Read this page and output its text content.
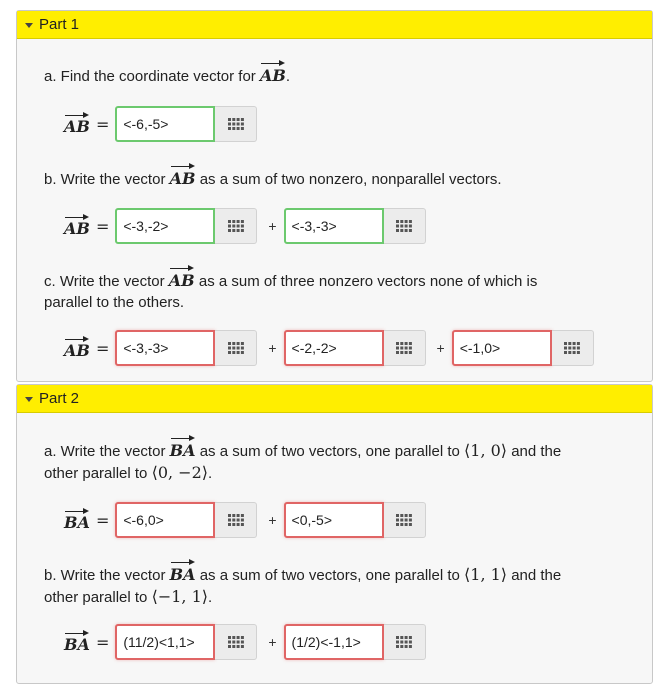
Part 1
a. Find the coordinate vector for AB.
AB =
<-6,-5>
b. Write the vector AB as a sum of two nonzero, nonparallel vectors.
AB =
<-3,-2>	+
<-3,-3>
c. Write the vector AB as a sum of three nonzero vectors none of which is
parallel to the others.
AB =
<-3,-3>	+
<-2,-2>	+
<-1,0>
Part 2
a. Write the vector BA as a sum of two vectors, one parallel to ⟨1, 0⟩ and the
other parallel to ⟨0, −2⟩.
BA =
<-6,0>	+
<0,-5>
b. Write the vector BA as a sum of two vectors, one parallel to ⟨1, 1⟩ and the
other parallel to ⟨−1, 1⟩.
BA =
(11/2)<1,1>	+
(1/2)<-1,1>
